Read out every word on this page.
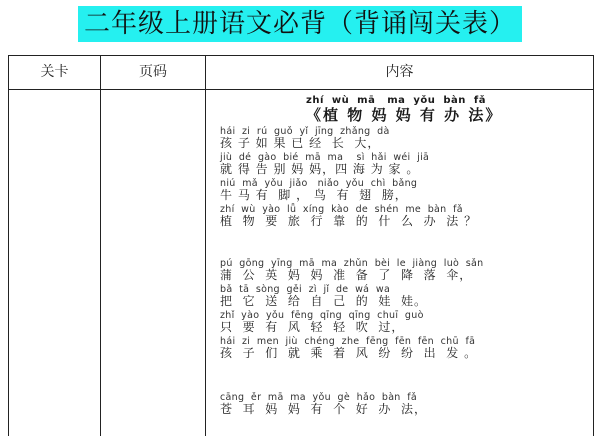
二年级上册语文必背（背诵闯关表）
关卡	页码	内容
zhí  wù  mā   ma  yǒu  bàn  fǎ
《植 物 妈 妈 有 办 法》
hái  zi  rú  guǒ  yǐ  jīng  zhǎng  dà
孩 子 如 果 已 经  长  大，
jiù  dé  gào  bié  mā  ma    sì  hǎi  wéi  jiā
就 得 告 别 妈 妈，四 海 为 家 。
niú  mǎ  yǒu  jiǎo   niǎo  yǒu  chì  bǎng
牛 马 有  脚 ， 鸟  有  翅  膀，
zhí  wù  yào  lǚ  xíng  kào  de  shén  me  bàn  fǎ
植  物  要  旅  行  靠  的  什  么  办  法 ？
pú  gōng  yīng  mā  ma  zhǔn  bèi  le  jiàng  luò  sǎn
蒲  公  英  妈  妈  准  备  了  降  落  伞，
bǎ  tā  sòng  gěi  zì  jǐ  de  wá  wa
把  它  送  给  自  己  的  娃  娃。
zhǐ  yào  yǒu  fēng  qīng  qīng  chuī  guò
只  要  有  风  轻  轻  吹  过，
hái  zi  men  jiù  chéng  zhe  fēng  fēn  fēn  chū  fā
孩  子  们  就  乘  着  风  纷  纷  出  发 。
cāng  ěr  mā  ma  yǒu  gè  hǎo  bàn  fǎ
苍  耳  妈  妈  有  个  好  办  法，
